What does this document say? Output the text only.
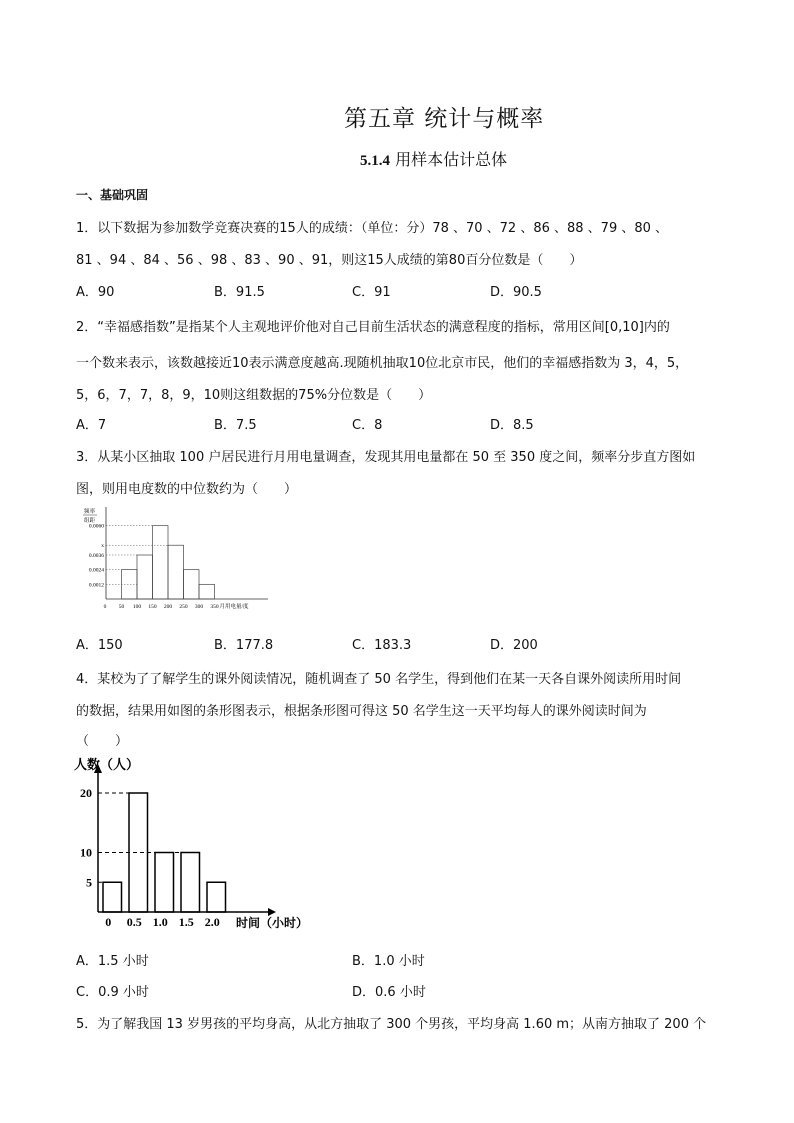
第五章 统计与概率
5.1.4 用样本估计总体
一、基础巩固
1．以下数据为参加数学竞赛决赛的15人的成绩：（单位：分）78 、70 、72 、86 、88 、79 、80 、
81 、94 、84 、56 、98 、83 、90 、91，则这15人成绩的第80百分位数是（　　）
A．90	B．91.5	C．91	D．90.5
2．“幸福感指数”是指某个人主观地评价他对自己目前生活状态的满意程度的指标，常用区间[0,10]内的
一个数来表示，该数越接近10表示满意度越高.现随机抽取10位北京市民，他们的幸福感指数为 3，4，5，
5，6，7，7，8，9，10则这组数据的75%分位数是（　　）
A．7	B．7.5	C．8	D．8.5
3．从某小区抽取 100 户居民进行月用电量调查，发现其用电量都在 50 至 350 度之间，频率分步直方图如
图，则用电度数的中位数约为（　　）
频率
组距
0.0012
0.0024
0.0036
x
0.0060
0 50 100 150 200 250 300 350 月用电量/度
A．150	B．177.8	C．183.3	D．200
4．某校为了了解学生的课外阅读情况，随机调查了 50 名学生，得到他们在某一天各自课外阅读所用时间
的数据，结果用如图的条形图表示，根据条形图可得这 50 名学生这一天平均每人的课外阅读时间为
（　　）
人数（人）
0 0.5 1.0 1.5 2.0
5
10
20
时间（小时）
A．1.5 小时	B．1.0 小时
C．0.9 小时	D．0.6 小时
5．为了解我国 13 岁男孩的平均身高，从北方抽取了 300 个男孩，平均身高 1.60 m；从南方抽取了 200 个
